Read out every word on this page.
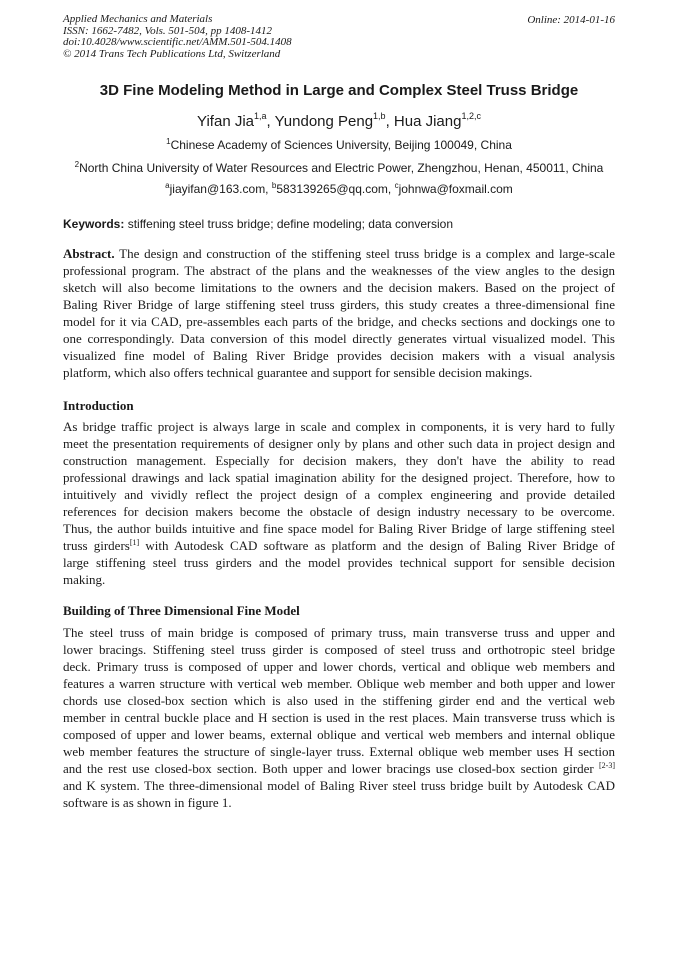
Applied Mechanics and Materials
ISSN: 1662-7482, Vols. 501-504, pp 1408-1412
doi:10.4028/www.scientific.net/AMM.501-504.1408
© 2014 Trans Tech Publications Ltd, Switzerland
Online: 2014-01-16
3D Fine Modeling Method in Large and Complex Steel Truss Bridge
Yifan Jia$^{1,a}$, Yundong Peng$^{1,b}$, Hua Jiang$^{1,2,c}$
$^1$Chinese Academy of Sciences University, Beijing 100049, China
$^2$North China University of Water Resources and Electric Power, Zhengzhou, Henan, 450011, China
$^a$jiayifan@163.com, $^b$583139265@qq.com, $^c$johnwa@foxmail.com
Keywords: stiffening steel truss bridge; define modeling; data conversion
Abstract. The design and construction of the stiffening steel truss bridge is a complex and large-scale
professional program. The abstract of the plans and the weaknesses of the view angles to the design
sketch will also become limitations to the owners and the decision makers. Based on the project of
Baling River Bridge of large stiffening steel truss girders, this study creates a three-dimensional fine
model for it via CAD, pre-assembles each parts of the bridge, and checks sections and dockings one to
one correspondingly. Data conversion of this model directly generates virtual visualized model. This
visualized fine model of Baling River Bridge provides decision makers with a visual analysis
platform, which also offers technical guarantee and support for sensible decision makings.
Introduction
As bridge traffic project is always large in scale and complex in components, it is very hard to fully
meet the presentation requirements of designer only by plans and other such data in project design and
construction management. Especially for decision makers, they don't have the ability to read
professional drawings and lack spatial imagination ability for the designed project. Therefore, how to
intuitively and vividly reflect the project design of a complex engineering and provide detailed
references for decision makers become the obstacle of design industry necessary to be overcome.
Thus, the author builds intuitive and fine space model for Baling River Bridge of large stiffening steel
truss girders[1] with Autodesk CAD software as platform and the design of Baling River Bridge of
large stiffening steel truss girders and the model provides technical support for sensible decision
making.
Building of Three Dimensional Fine Model
The steel truss of main bridge is composed of primary truss, main transverse truss and upper and
lower bracings. Stiffening steel truss girder is composed of steel truss and orthotropic steel bridge
deck. Primary truss is composed of upper and lower chords, vertical and oblique web members and
features a warren structure with vertical web member. Oblique web member and both upper and lower
chords use closed-box section which is also used in the stiffening girder end and the vertical web
member in central buckle place and H section is used in the rest places. Main transverse truss which is
composed of upper and lower beams, external oblique and vertical web members and internal oblique
web member features the structure of single-layer truss. External oblique web member uses H section
and the rest use closed-box section. Both upper and lower bracings use closed-box section girder [2-3]
and K system. The three-dimensional model of Baling River steel truss bridge built by Autodesk CAD
software is as shown in figure 1.
